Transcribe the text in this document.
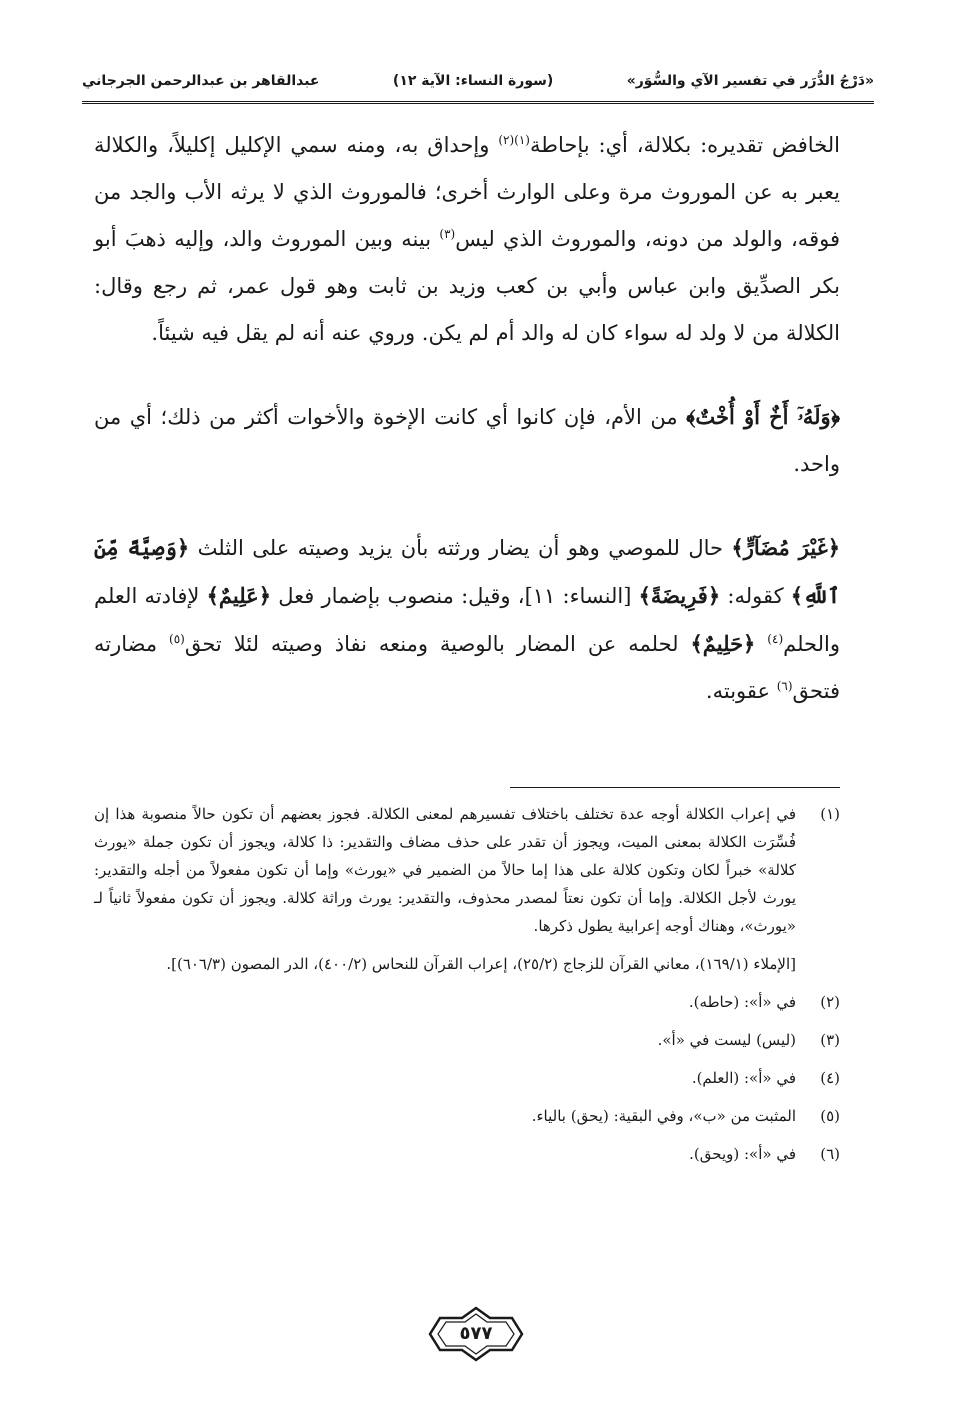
«دَرْجُ الدُّرَر في تفسير الآي والسُّوَر»
(سورة النساء: الآية ١٢)
عبدالقاهر بن عبدالرحمن الجرجاني

الخافض تقديره: بكلالة، أي: بإحاطة$^{(١)(٢)}$ وإحداق به، ومنه سمي الإكليل إكليلاً، والكلالة يعبر به عن الموروث مرة وعلى الوارث أخرى؛ فالموروث الذي لا يرثه الأب والجد من فوقه، والولد من دونه، والموروث الذي ليس$^{(٣)}$ بينه وبين الموروث والد، وإليه ذهبَ أبو بكر الصدِّيق وابن عباس وأبي بن كعب وزيد بن ثابت وهو قول عمر، ثم رجع وقال: الكلالة من لا ولد له سواء كان له والد أم لم يكن. وروي عنه أنه لم يقل فيه شيئاً.

﴿وَلَهُۥٓ أَخٌ أَوْ أُخْتٌ﴾ من الأم، فإن كانوا أي كانت الإخوة والأخوات أكثر من ذلك؛ أي من واحد.

﴿غَيْرَ مُضَآرٍّ﴾ حال للموصي وهو أن يضار ورثته بأن يزيد وصيته على الثلث ﴿وَصِيَّةً مِّنَ ٱللَّهِ﴾ كقوله: ﴿فَرِيضَةً﴾ [النساء: ١١]، وقيل: منصوب بإضمار فعل ﴿عَلِيمٌ﴾ لإفادته العلم والحلم$^{(٤)}$ ﴿حَلِيمٌ﴾ لحلمه عن المضار بالوصية ومنعه نفاذ وصيته لئلا تحق$^{(٥)}$ مضارته فتحق$^{(٦)}$ عقوبته.

(١)
في إعراب الكلالة أوجه عدة تختلف باختلاف تفسيرهم لمعنى الكلالة. فجوز بعضهم أن تكون حالاً منصوبة هذا إن فُسِّرَت الكلالة بمعنى الميت، ويجوز أن تقدر على حذف مضاف والتقدير: ذا كلالة، ويجوز أن تكون جملة «يورث كلالة» خبراً لكان وتكون كلالة على هذا إما حالاً من الضمير في «يورث» وإما أن تكون مفعولاً من أجله والتقدير: يورث لأجل الكلالة. وإما أن تكون نعتاً لمصدر محذوف، والتقدير: يورث وراثة كلالة. ويجوز أن تكون مفعولاً ثانياً لـ «يورث»، وهناك أوجه إعرابية يطول ذكرها.
[الإملاء (١٦٩/١)، معاني القرآن للزجاج (٢٥/٢)، إعراب القرآن للنحاس (٤٠٠/٢)، الدر المصون (٦٠٦/٣)].
(٢)
في «أ»: (حاطه).
(٣)
(ليس) ليست في «أ».
(٤)
في «أ»: (العلم).
(٥)
المثبت من «ب»، وفي البقية: (يحق) بالياء.
(٦)
في «أ»: (ويحق).
٥٧٧
